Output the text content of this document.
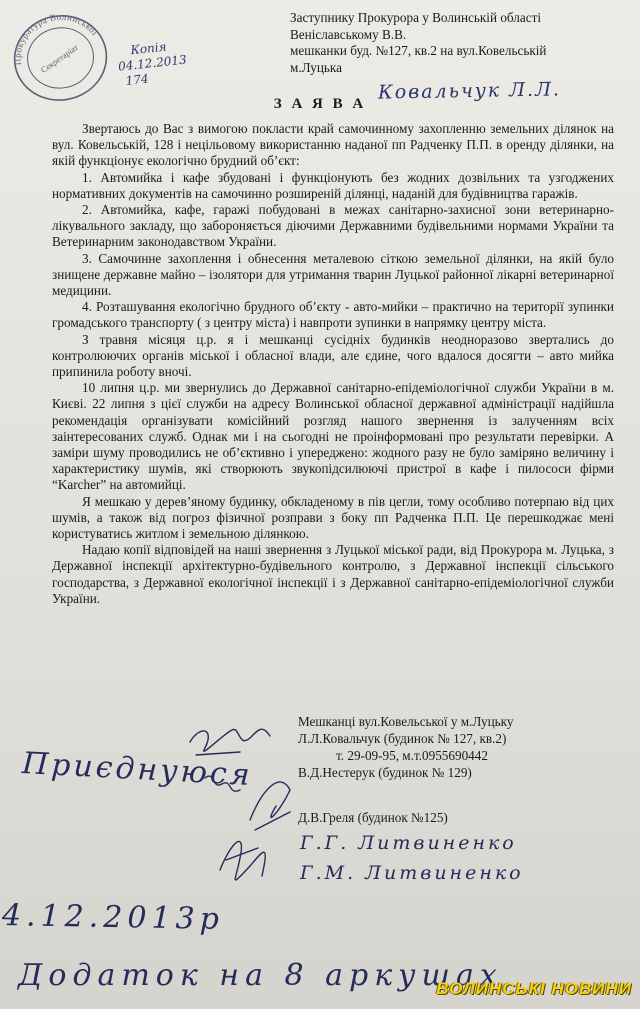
Прокуратура Волинської
Секретаріат	Копія
04.12.2013
174
Заступнику Прокурора у Волинській області
Веніславському В.В.
мешканки буд. №127, кв.2 на вул.Ковельській
м.Луцька
Ковальчук Л.Л.
З А Я В А

Звертаюсь до Вас з вимогою покласти край самочинному захопленню земельних ділянок на вул. Ковельській, 128 і нецільовому використанню наданої пп Радченку П.П. в оренду ділянки, на якій функціонує екологічно брудний об’єкт:

1. Автомийка і кафе збудовані і функціонують без жодних дозвільних та узгоджених нормативних документів на самочинно розширеній ділянці, наданій для будівництва гаражів.

2. Автомийка, кафе, гаражі побудовані в межах санітарно-захисної зони ветеринарно-лікувального закладу, що забороняється діючими Державними будівельними нормами України та Ветеринарним законодавством України.

3. Самочинне захоплення і обнесення металевою сіткою земельної ділянки, на якій було знищене державне майно – ізолятори для утримання тварин Луцької районної лікарні ветеринарної медицини.

4. Розташування екологічно брудного об’єкту - авто-мийки – практично на території зупинки громадського транспорту ( з центру міста) і навпроти зупинки в напрямку центру міста.

З травня місяця ц.р. я і мешканці сусідніх будинків неодноразово звертались до контролюючих органів міської і обласної влади, але єдине, чого вдалося досягти – авто мийка припинила роботу вночі.

10 липня ц.р. ми звернулись до Державної санітарно-епідеміологічної служби України в м. Києві. 22 липня з цієї служби на адресу Волинської обласної державної адміністрації надійшла рекомендація організувати комісійний розгляд нашого звернення із залученням всіх заінтересованих служб. Однак ми і на сьогодні не проінформовані про результати перевірки. А заміри шуму проводились не об’єктивно і упереджено: жодного разу не було заміряно величину і характеристику шумів, які створюють звукопідсилюючі пристрої в кафе і пилососи фірми “Karcher” на автомийці.

Я мешкаю у дерев’яному будинку, обкладеному в пів цегли, тому особливо потерпаю від цих шумів, а також від погроз фізичної розправи з боку пп Радченка П.П. Це перешкоджає мені користуватись житлом і земельною ділянкою.

Надаю копії відповідей на наші звернення з Луцької міської ради, від Прокурора м. Луцька, з Державної інспекції архітектурно-будівельного контролю, з Державної інспекції сільського господарства, з Державної екологічної інспекції і з Державної санітарно-епідеміологічної служби України.

Мешканці вул.Ковельської у м.Луцьку
Л.Л.Ковальчук (будинок № 127, кв.2)
т. 29-09-95, м.т.0955690442
В.Д.Нестерук (будинок № 129)
Д.В.Греля (будинок №125)
Г.Г. Литвиненко
Г.М. Литвиненко
Приєднуюся
4.12.2013р
Додаток на 8 аркушах
ВОЛИНСЬКІ НОВИНИ
